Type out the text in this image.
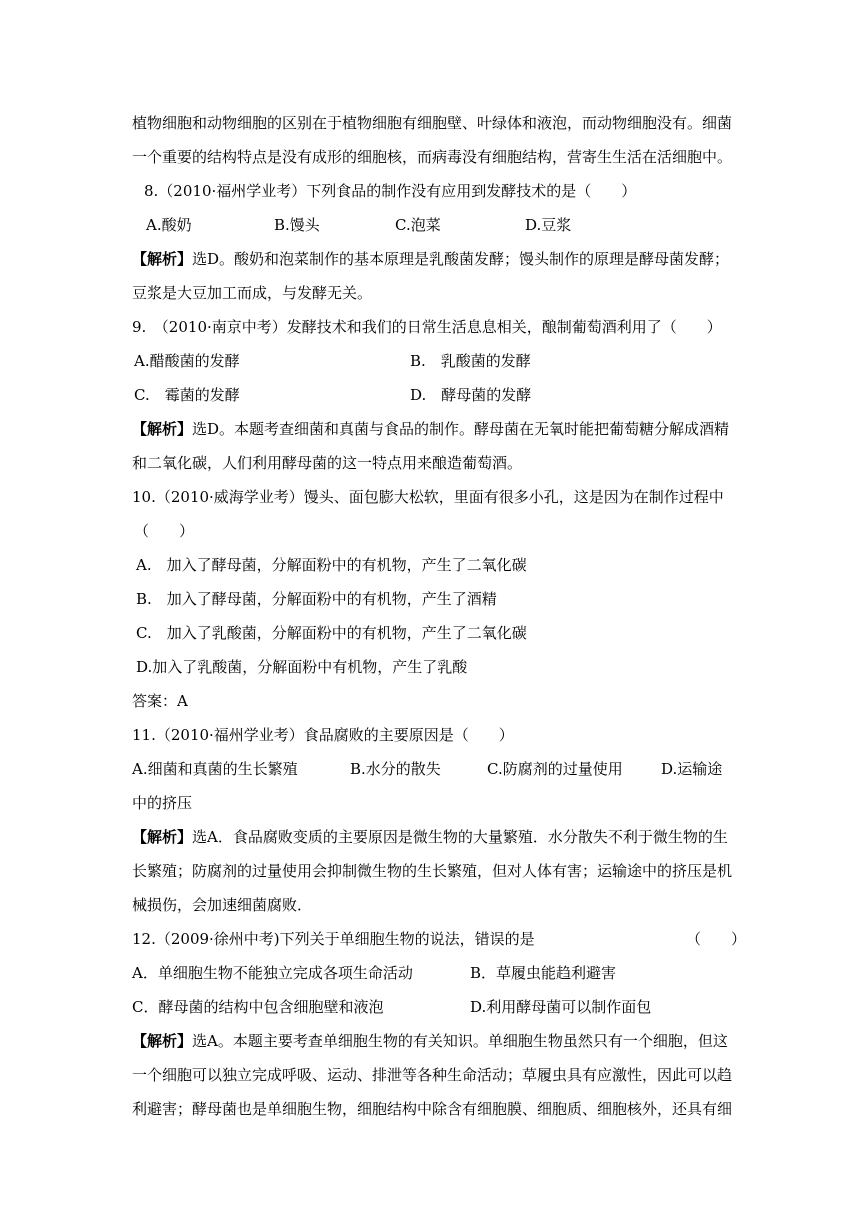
植物细胞和动物细胞的区别在于植物细胞有细胞壁、叶绿体和液泡，而动物细胞没有。细菌
一个重要的结构特点是没有成形的细胞核，而病毒没有细胞结构，营寄生生活在活细胞中。
8.（2010·福州学业考）下列食品的制作没有应用到发酵技术的是（　　）
A.酸奶	B.馒头	C.泡菜	D.豆浆
【解析】选D。酸奶和泡菜制作的基本原理是乳酸菌发酵；馒头制作的原理是酵母菌发酵；
豆浆是大豆加工而成，与发酵无关。
9.　（2010·南京中考）发酵技术和我们的日常生活息息相关，酿制葡萄酒利用了（　　）
A.醋酸菌的发酵	B.　乳酸菌的发酵
C.　霉菌的发酵	D.　酵母菌的发酵
【解析】选D。本题考查细菌和真菌与食品的制作。酵母菌在无氧时能把葡萄糖分解成酒精
和二氧化碳，人们利用酵母菌的这一特点用来酿造葡萄酒。
10.（2010·威海学业考）馒头、面包膨大松软，里面有很多小孔，这是因为在制作过程中
（　　）
A.　加入了酵母菌，分解面粉中的有机物，产生了二氧化碳
B.　加入了酵母菌，分解面粉中的有机物，产生了酒精
C.　加入了乳酸菌，分解面粉中的有机物，产生了二氧化碳
D.加入了乳酸菌，分解面粉中有机物，产生了乳酸
答案：A
11.（2010·福州学业考）食品腐败的主要原因是（　　）
A.细菌和真菌的生长繁殖	B.水分的散失	C.防腐剂的过量使用	D.运输途
中的挤压
【解析】选A．食品腐败变质的主要原因是微生物的大量繁殖．水分散失不利于微生物的生
长繁殖；防腐剂的过量使用会抑制微生物的生长繁殖，但对人体有害；运输途中的挤压是机
械损伤，会加速细菌腐败．
12.（2009·徐州中考)下列关于单细胞生物的说法，错误的是	（　　）
A．单细胞生物不能独立完成各项生命活动	B．草履虫能趋利避害
C．酵母菌的结构中包含细胞壁和液泡	D.利用酵母菌可以制作面包
【解析】选A。本题主要考查单细胞生物的有关知识。单细胞生物虽然只有一个细胞，但这
一个细胞可以独立完成呼吸、运动、排泄等各种生命活动；草履虫具有应激性，因此可以趋
利避害；酵母菌也是单细胞生物，细胞结构中除含有细胞膜、细胞质、细胞核外，还具有细
